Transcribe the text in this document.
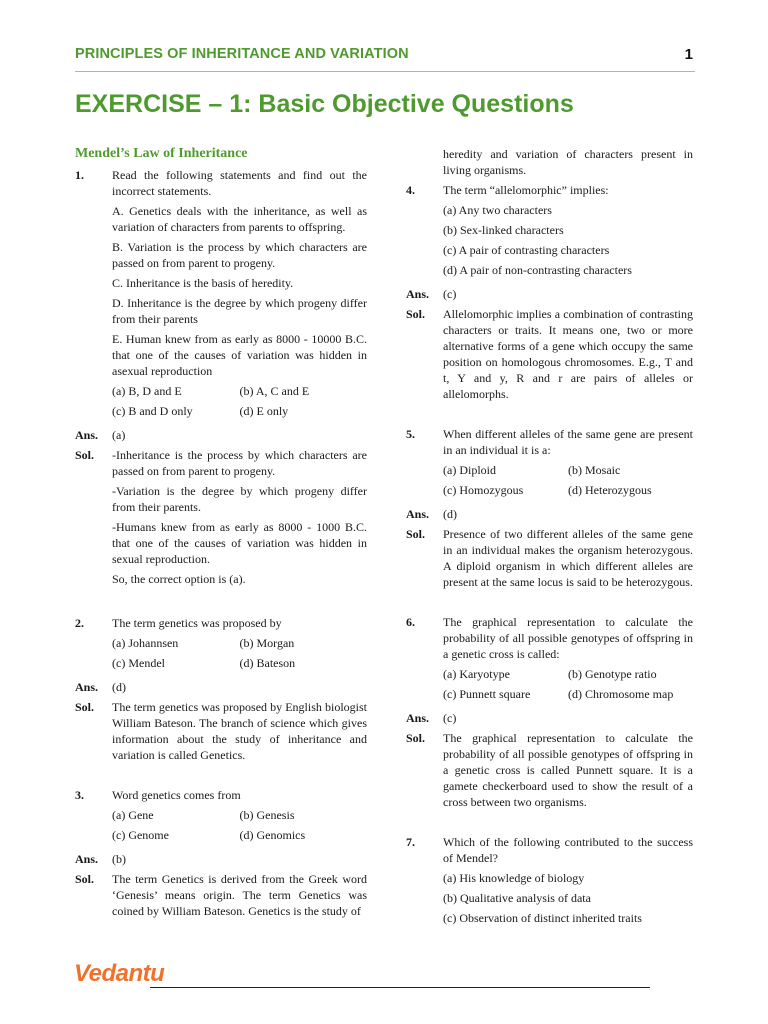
PRINCIPLES OF INHERITANCE AND VARIATION	1
EXERCISE – 1: Basic Objective Questions
Mendel’s Law of Inheritance
1.	Read the following statements and find out the incorrect statements.

A. Genetics deals with the inheritance, as well as variation of characters from parents to offspring.

B. Variation is the process by which characters are passed on from parent to progeny.

C. Inheritance is the basis of heredity.

D. Inheritance is the degree by which progeny differ from their parents

E. Human knew from as early as 8000 - 10000 B.C. that one of the causes of variation was hidden in asexual reproduction

(a) B, D and E	(b) A, C and E
(c) B and D only	(d) E only
Ans.	(a)
Sol.	-Inheritance is the process by which characters are passed on from parent to progeny.

-Variation is the degree by which progeny differ from their parents.

-Humans knew from as early as 8000 - 1000 B.C. that one of the causes of variation was hidden in sexual reproduction.

So, the correct option is (a).

2.	The term genetics was proposed by

(a) Johannsen	(b) Morgan
(c) Mendel	(d) Bateson
Ans.	(d)
Sol.	The term genetics was proposed by English biologist William Bateson. The branch of science which gives information about the study of inheritance and variation is called Genetics.
3.	Word genetics comes from

(a) Gene	(b) Genesis
(c) Genome	(d) Genomics
Ans.	(b)
Sol.	The term Genetics is derived from the Greek word ‘Genesis’ means origin. The term Genetics was coined by William Bateson. Genetics is the study of
heredity and variation of characters present in living organisms.
4.	The term “allelomorphic” implies:

(a) Any two characters

(b) Sex-linked characters

(c) A pair of contrasting characters

(d) A pair of non-contrasting characters

Ans.	(c)
Sol.	Allelomorphic implies a combination of contrasting characters or traits. It means one, two or more alternative forms of a gene which occupy the same position on homologous chromosomes. E.g., T and t, Y and y, R and r are pairs of alleles or allelomorphs.
5.	When different alleles of the same gene are present in an individual it is a:

(a) Diploid	(b) Mosaic
(c) Homozygous	(d) Heterozygous
Ans.	(d)
Sol.	Presence of two different alleles of the same gene in an individual makes the organism heterozygous. A diploid organism in which different alleles are present at the same locus is said to be heterozygous.
6.	The graphical representation to calculate the probability of all possible genotypes of offspring in a genetic cross is called:

(a) Karyotype	(b) Genotype ratio
(c) Punnett square	(d) Chromosome map
Ans.	(c)
Sol.	The graphical representation to calculate the probability of all possible genotypes of offspring in a genetic cross is called Punnett square. It is a gamete checkerboard used to show the result of a cross between two organisms.
7.	Which of the following contributed to the success of Mendel?

(a) His knowledge of biology

(b) Qualitative analysis of data

(c) Observation of distinct inherited traits

Vedantu
